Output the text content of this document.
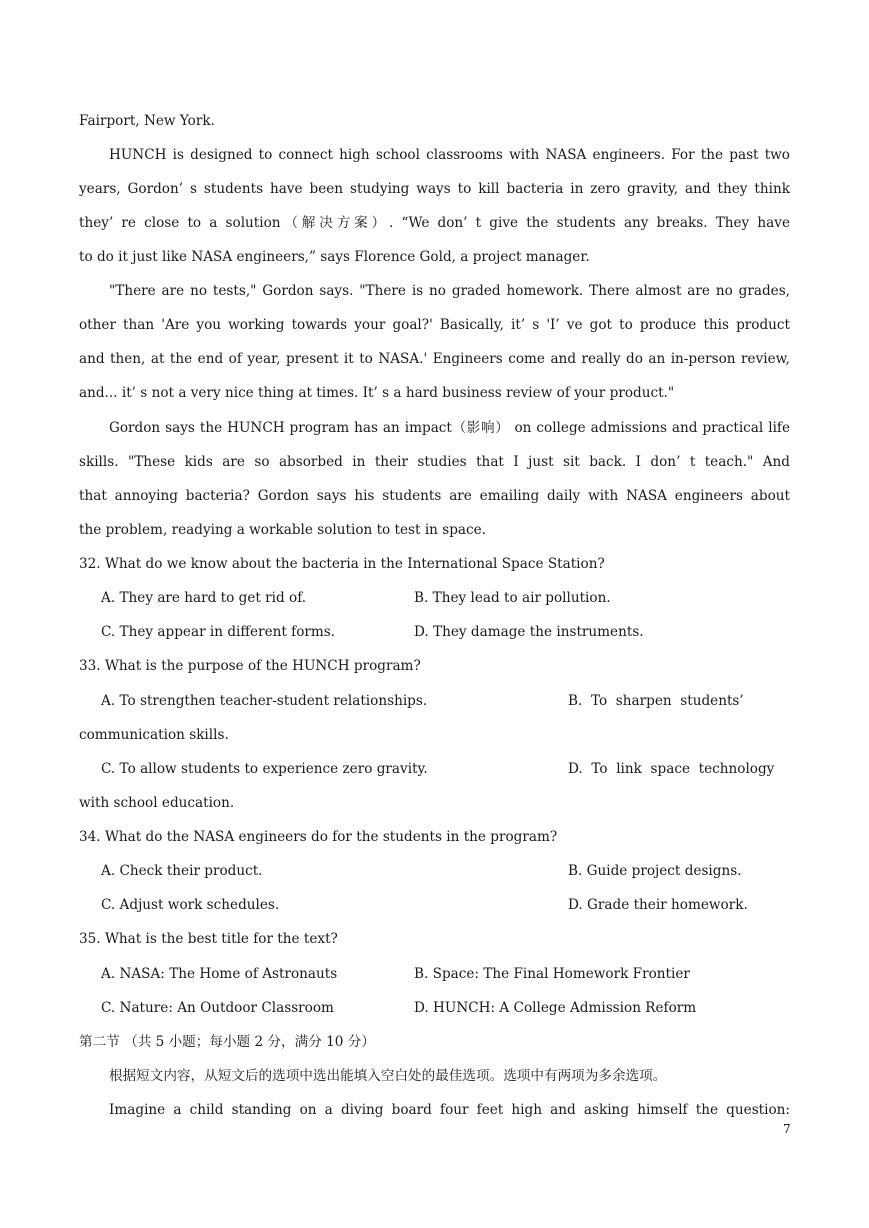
Fairport, New York.
HUNCH is designed to connect high school classrooms with NASA engineers. For the past two
years, Gordon’ s students have been studying ways to kill bacteria in zero gravity, and they think
they’ re close to a solution（解决方案）. “We don’ t give the students any breaks. They have
to do it just like NASA engineers,” says Florence Gold, a project manager.
"There are no tests," Gordon says. "There is no graded homework. There almost are no grades,
other than 'Are you working towards your goal?' Basically, it’ s 'I’ ve got to produce this product
and then, at the end of year, present it to NASA.' Engineers come and really do an in-person review,
and... it’ s not a very nice thing at times. It’ s a hard business review of your product."
Gordon says the HUNCH program has an impact（影响） on college admissions and practical life
skills. "These kids are so absorbed in their studies that I just sit back. I don’ t teach." And
that annoying bacteria? Gordon says his students are emailing daily with NASA engineers about
the problem, readying a workable solution to test in space.
32. What do we know about the bacteria in the International Space Station?
A. They are hard to get rid of.	B. They lead to air pollution.
C. They appear in different forms.	D. They damage the instruments.
33. What is the purpose of the HUNCH program?
A. To strengthen teacher-student relationships.	B.  To  sharpen  students’
communication skills.
C. To allow students to experience zero gravity.	D.  To  link  space  technology
with school education.
34. What do the NASA engineers do for the students in the program?
A. Check their product.	B. Guide project designs.
C. Adjust work schedules.	D. Grade their homework.
35. What is the best title for the text?
A. NASA: The Home of Astronauts	B. Space: The Final Homework Frontier
C. Nature: An Outdoor Classroom	D. HUNCH: A College Admission Reform
第二节 （共 5 小题；每小题 2 分，满分 10 分）
根据短文内容，从短文后的选项中选出能填入空白处的最佳选项。选项中有两项为多余选项。
Imagine a child standing on a diving board four feet high and asking himself the question:
7
